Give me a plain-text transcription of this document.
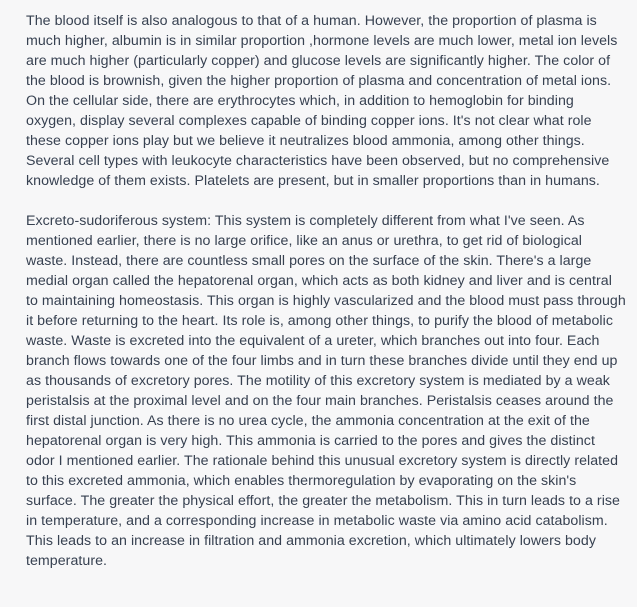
The blood itself is also analogous to that of a human. However, the proportion of plasma is much higher, albumin is in similar proportion ,hormone levels are much lower, metal ion levels are much higher (particularly copper) and glucose levels are significantly higher. The color of the blood is brownish, given the higher proportion of plasma and concentration of metal ions. On the cellular side, there are erythrocytes which, in addition to hemoglobin for binding oxygen, display several complexes capable of binding copper ions. It's not clear what role these copper ions play but we believe it neutralizes blood ammonia, among other things. Several cell types with leukocyte characteristics have been observed, but no comprehensive knowledge of them exists. Platelets are present, but in smaller proportions than in humans.

Excreto-sudoriferous system: This system is completely different from what I've seen. As mentioned earlier, there is no large orifice, like an anus or urethra, to get rid of biological waste. Instead, there are countless small pores on the surface of the skin. There's a large medial organ called the hepatorenal organ, which acts as both kidney and liver and is central to maintaining homeostasis. This organ is highly vascularized and the blood must pass through it before returning to the heart. Its role is, among other things, to purify the blood of metabolic waste. Waste is excreted into the equivalent of a ureter, which branches out into four. Each branch flows towards one of the four limbs and in turn these branches divide until they end up as thousands of excretory pores. The motility of this excretory system is mediated by a weak peristalsis at the proximal level and on the four main branches. Peristalsis ceases around the first distal junction. As there is no urea cycle, the ammonia concentration at the exit of the hepatorenal organ is very high. This ammonia is carried to the pores and gives the distinct odor I mentioned earlier. The rationale behind this unusual excretory system is directly related to this excreted ammonia, which enables thermoregulation by evaporating on the skin's surface. The greater the physical effort, the greater the metabolism. This in turn leads to a rise in temperature, and a corresponding increase in metabolic waste via amino acid catabolism. This leads to an increase in filtration and ammonia excretion, which ultimately lowers body temperature.
